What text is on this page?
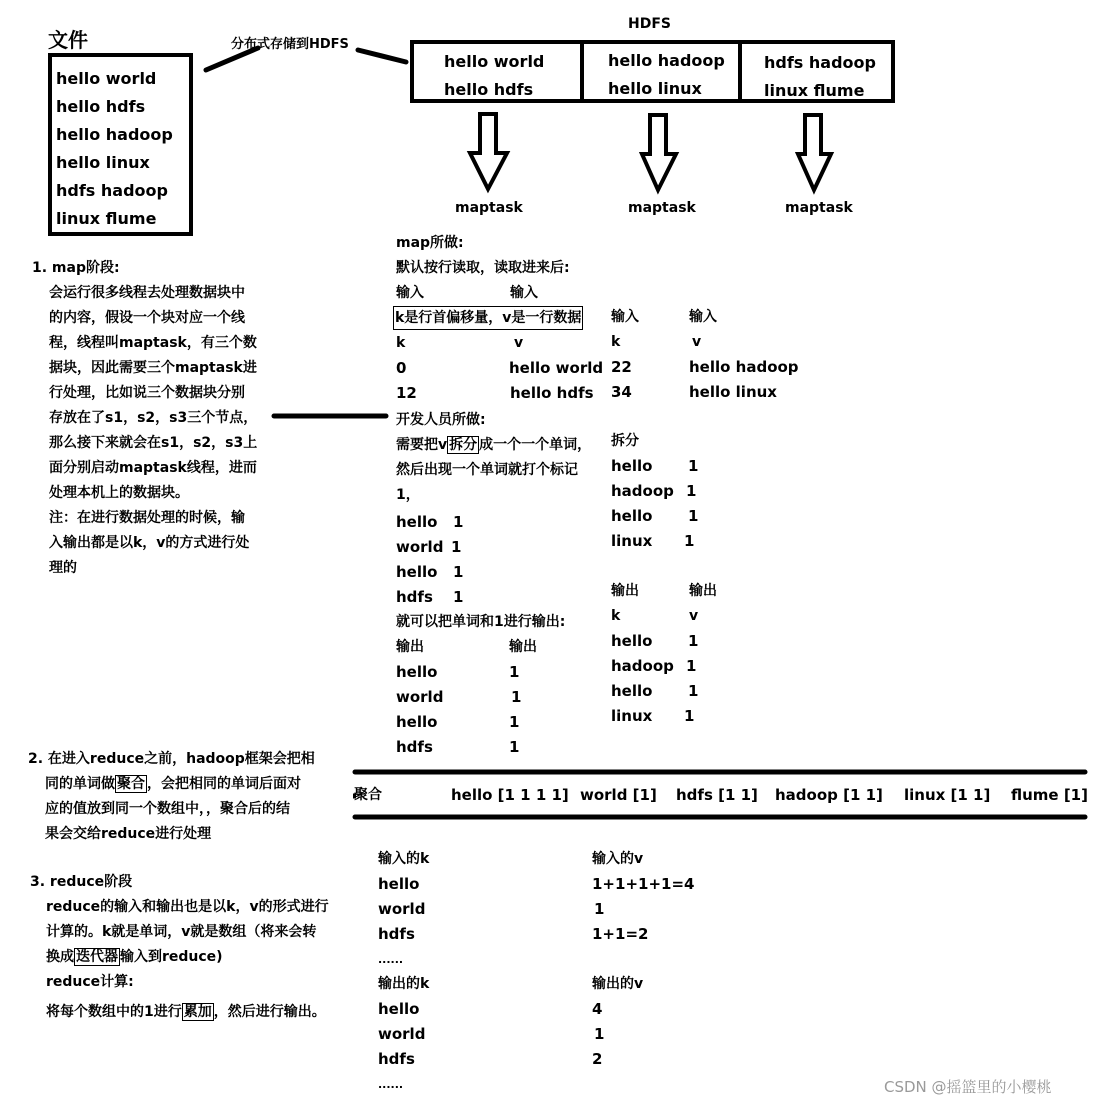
文件
hello world
hello hdfs
hello hadoop
hello linux
hdfs hadoop
linux flume
分布式存储到HDFS
HDFS
hello world
hello hdfs
hello hadoop
hello linux
hdfs hadoop
linux flume
maptask	maptask	maptask
1. map阶段:
会运行很多线程去处理数据块中
的内容，假设一个块对应一个线
程，线程叫maptask，有三个数
据块，因此需要三个maptask进
行处理，比如说三个数据块分别
存放在了s1，s2，s3三个节点，
那么接下来就会在s1，s2，s3上
面分别启动maptask线程，进而
处理本机上的数据块。
注：在进行数据处理的时候，输
入输出都是以k，v的方式进行处
理的
map所做:
默认按行读取，读取进来后:
输入	输入
k是行首偏移量，v是一行数据
k	v
0	hello world
12	hello hdfs
输入	输入
k	v
22	hello hadoop
34	hello linux
开发人员所做:
需要把v 拆分 成一个一个单词，
然后出现一个单词就打个标记
1，
hello 1
world 1
hello 1
hdfs 1
就可以把单词和1进行输出:
输出	输出
hello	1
world	1
hello	1
hdfs	1
拆分
hello 1
hadoop 1
hello 1
linux 1
输出	输出
k	v
hello 1
hadoop 1
hello 1
linux 1
2. 在进入reduce之前，hadoop框架会把相
同的单词做 聚合 ，会把相同的单词后面对
应的值放到同一个数组中，，聚合后的结
果会交给reduce进行处理
聚合	hello [1 1 1 1] world [1] hdfs [1 1] hadoop [1 1] linux [1 1] flume [1]
3. reduce阶段
reduce的输入和输出也是以k，v的形式进行
计算的。k就是单词，v就是数组（将来会转
换成 迭代器 输入到reduce)
reduce计算:
将每个数组中的1进行 累加 ，然后进行输出。
输入的k	输入的v
hello	1+1+1+1=4
world	1
hdfs	1+1=2
......
输出的k	输出的v
hello	4
world	1
hdfs	2
......	CSDN @摇篮里的小樱桃
